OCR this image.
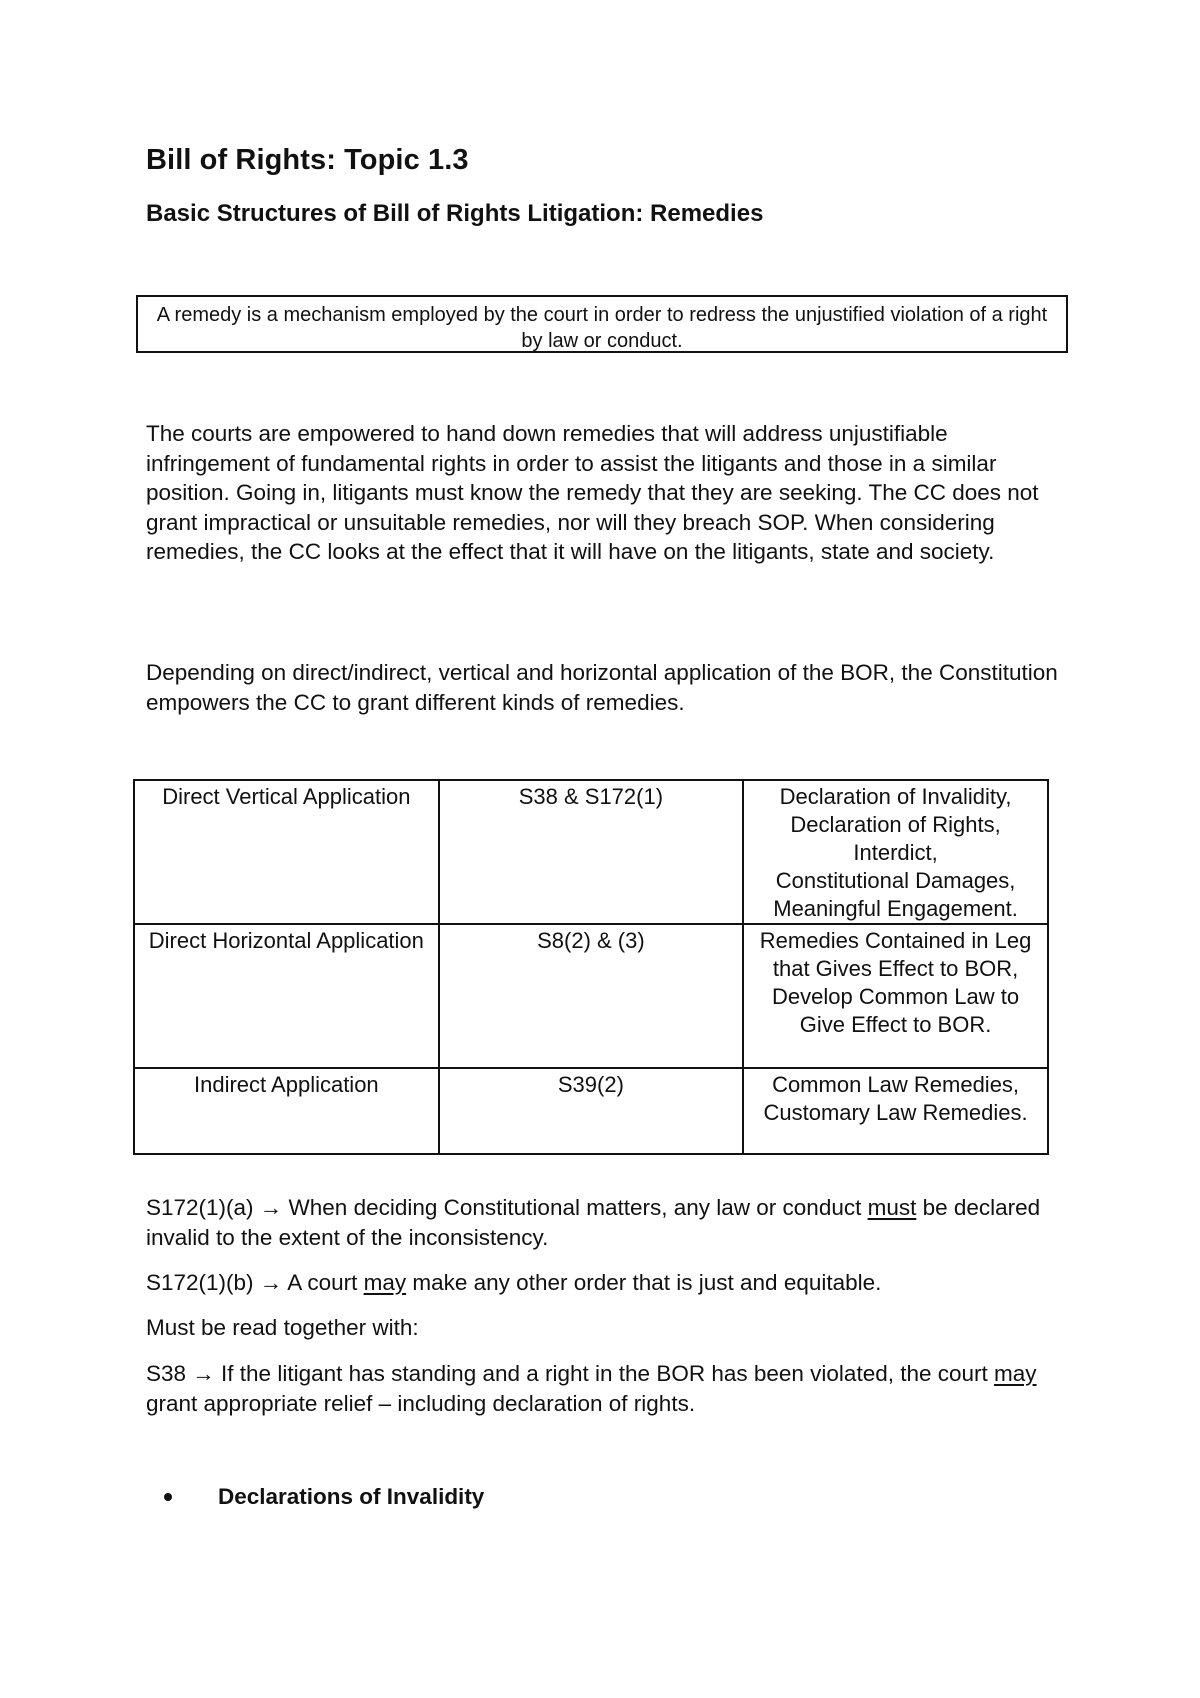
Bill of Rights: Topic 1.3
Basic Structures of Bill of Rights Litigation: Remedies
A remedy is a mechanism employed by the court in order to redress the unjustified violation of a right by law or conduct.

The courts are empowered to hand down remedies that will address unjustifiable infringement of fundamental rights in order to assist the litigants and those in a similar position. Going in, litigants must know the remedy that they are seeking. The CC does not grant impractical or unsuitable remedies, nor will they breach SOP. When considering remedies, the CC looks at the effect that it will have on the litigants, state and society.

Depending on direct/indirect, vertical and horizontal application of the BOR, the Constitution empowers the CC to grant different kinds of remedies.

Direct Vertical Application	S38 & S172(1)	Declaration of Invalidity,
Declaration of Rights,
Interdict,
Constitutional Damages,
Meaningful Engagement.

Direct Horizontal Application	S8(2) & (3)	Remedies Contained in Leg that Gives Effect to BOR,
Develop Common Law to Give Effect to BOR.

Indirect Application	S39(2)	Common Law Remedies, Customary Law Remedies.

S172(1)(a) → When deciding Constitutional matters, any law or conduct must be declared invalid to the extent of the inconsistency.

S172(1)(b) → A court may make any other order that is just and equitable.

Must be read together with:

S38 → If the litigant has standing and a right in the BOR has been violated, the court may grant appropriate relief – including declaration of rights.

Declarations of Invalidity
